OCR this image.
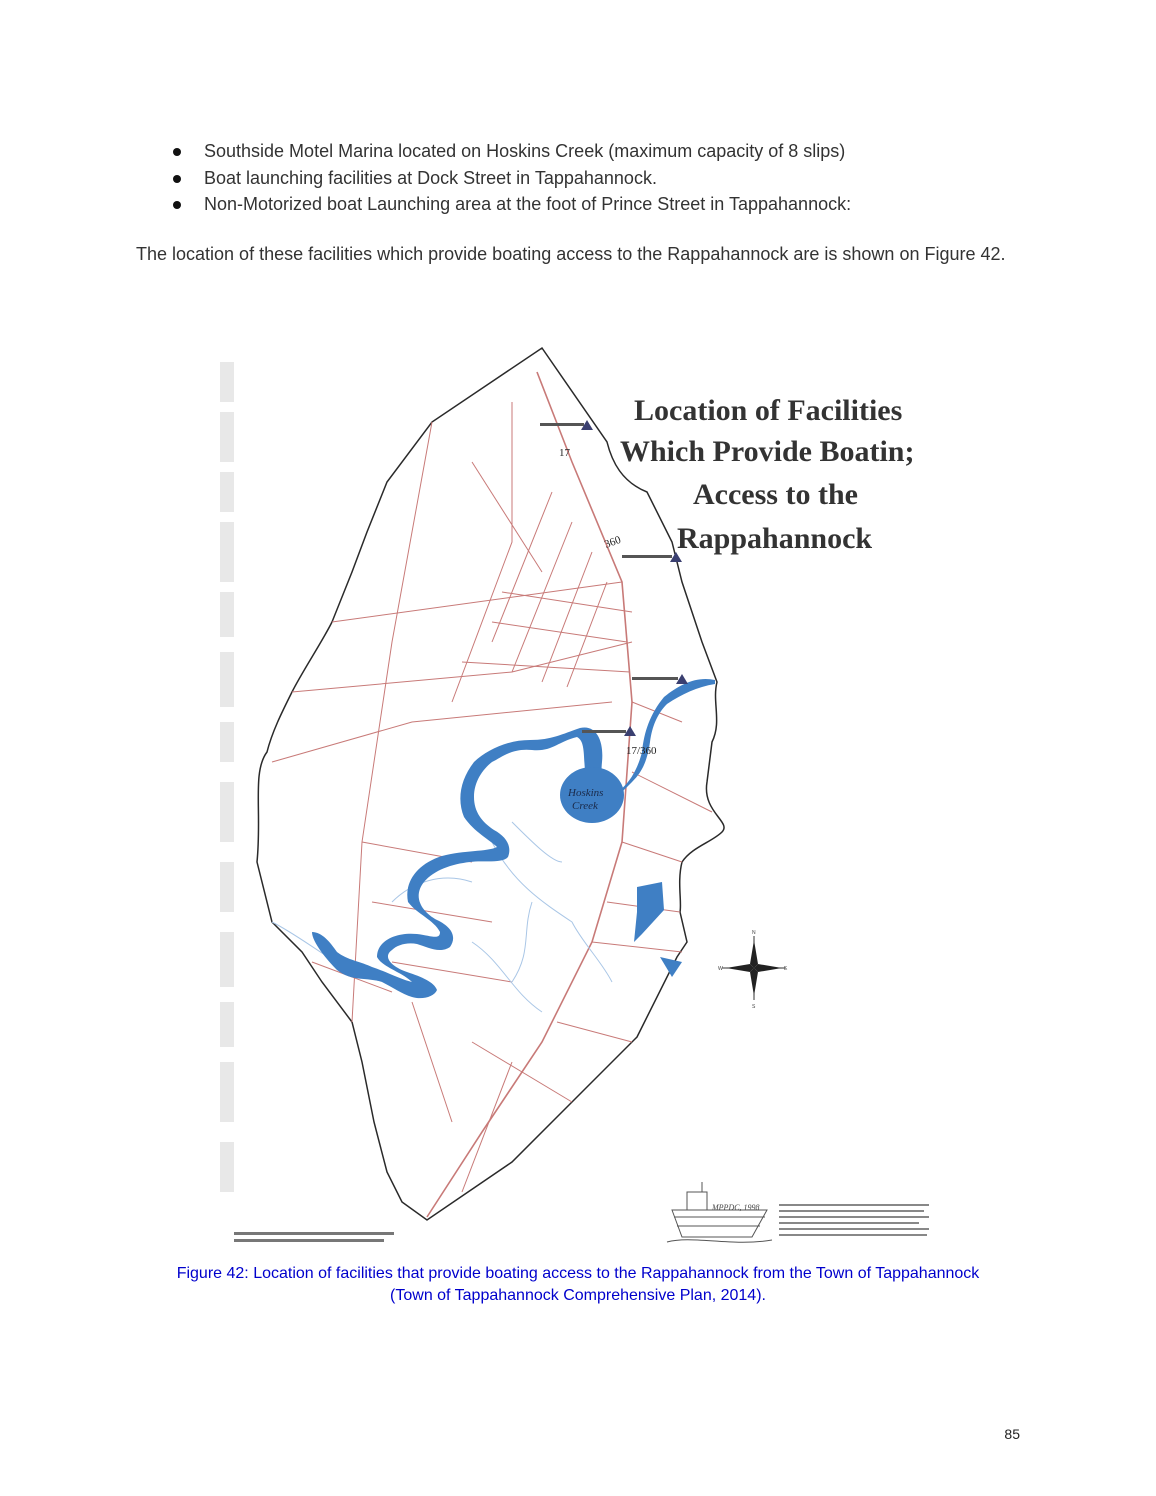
Southside Motel Marina located on Hoskins Creek (maximum capacity of 8 slips)
Boat launching facilities at Dock Street in Tappahannock.
Non-Motorized boat Launching area at the foot of Prince Street in Tappahannock:

The location of these facilities which provide boating access to the Rappahannock are is shown on Figure 42.

17
360
17/360
Hoskins
Creek
Location of Facilities
Which Provide Boatin;
Access to the
Rappahannock
N
E
S
W
MPPDC, 1998

Figure 42: Location of facilities that provide boating access to the Rappahannock from the Town of Tappahannock
(Town of Tappahannock Comprehensive Plan, 2014).

85
